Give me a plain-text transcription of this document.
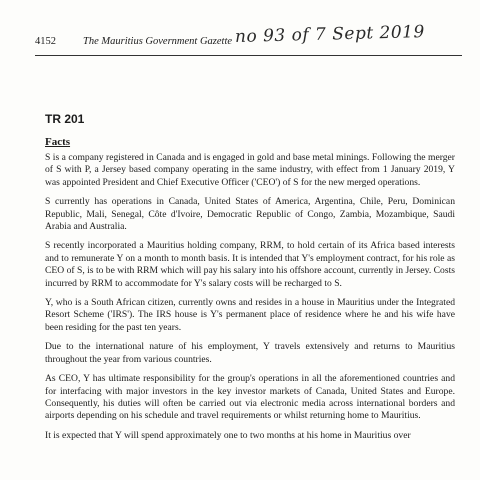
4152	The Mauritius Government Gazette no 93 of 7 Sept 2019
TR 201
Facts

S is a company registered in Canada and is engaged in gold and base metal minings. Following the merger of S with P, a Jersey based company operating in the same industry, with effect from 1 January 2019, Y was appointed President and Chief Executive Officer ('CEO') of S for the new merged operations.

S currently has operations in Canada, United States of America, Argentina, Chile, Peru, Dominican Republic, Mali, Senegal, Côte d'Ivoire, Democratic Republic of Congo, Zambia, Mozambique, Saudi Arabia and Australia.

S recently incorporated a Mauritius holding company, RRM, to hold certain of its Africa based interests and to remunerate Y on a month to month basis. It is intended that Y's employment contract, for his role as CEO of S, is to be with RRM which will pay his salary into his offshore account, currently in Jersey. Costs incurred by RRM to accommodate for Y's salary costs will be recharged to S.

Y, who is a South African citizen, currently owns and resides in a house in Mauritius under the Integrated Resort Scheme ('IRS'). The IRS house is Y's permanent place of residence where he and his wife have been residing for the past ten years.

Due to the international nature of his employment, Y travels extensively and returns to Mauritius throughout the year from various countries.

As CEO, Y has ultimate responsibility for the group's operations in all the aforementioned countries and for interfacing with major investors in the key investor markets of Canada, United States and Europe. Consequently, his duties will often be carried out via electronic media across international borders and airports depending on his schedule and travel requirements or whilst returning home to Mauritius.

It is expected that Y will spend approximately one to two months at his home in Mauritius over
